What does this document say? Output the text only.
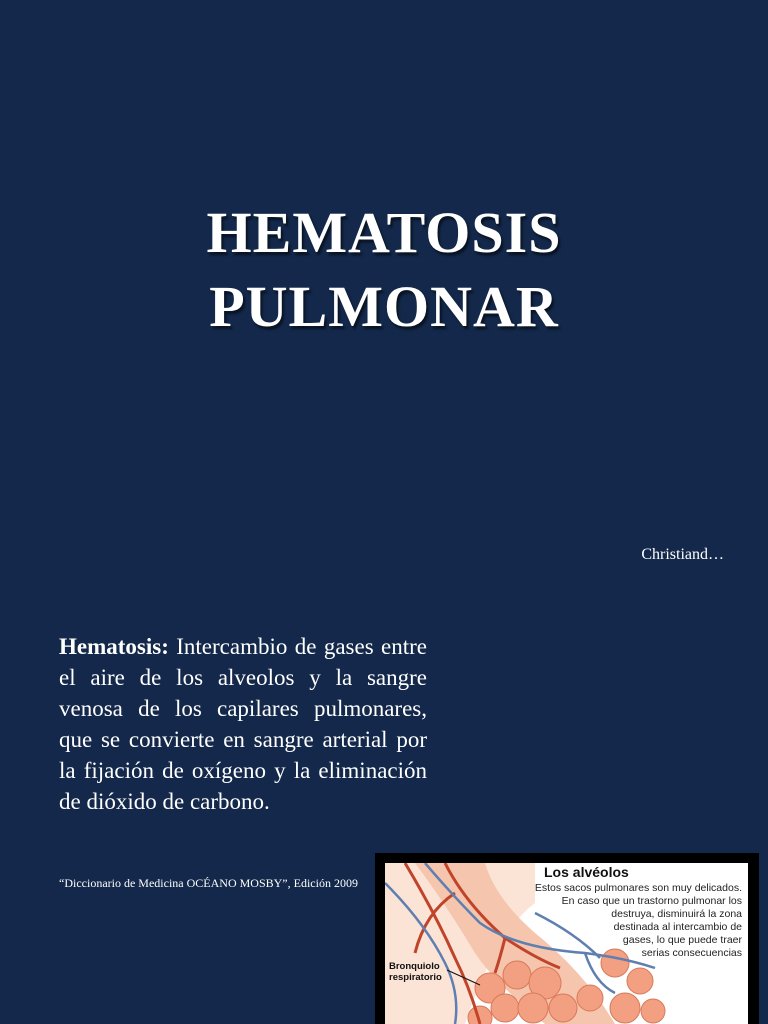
HEMATOSIS
PULMONAR
Christiand…

Hematosis: Intercambio de gases entre el aire de los alveolos y la sangre venosa de los capilares pulmonares, que se convierte en sangre arterial por la fijación de oxígeno y la eliminación de dióxido de carbono.

“Diccionario de Medicina OCÉANO MOSBY”, Edición 2009
Los alvéolos
Estos sacos pulmonares son muy delicados.
En caso que un trastorno pulmonar los
destruya, disminuirá la zona
destinada al intercambio de
gases, lo que puede traer
serias consecuencias
Bronquiolo
respiratorio
